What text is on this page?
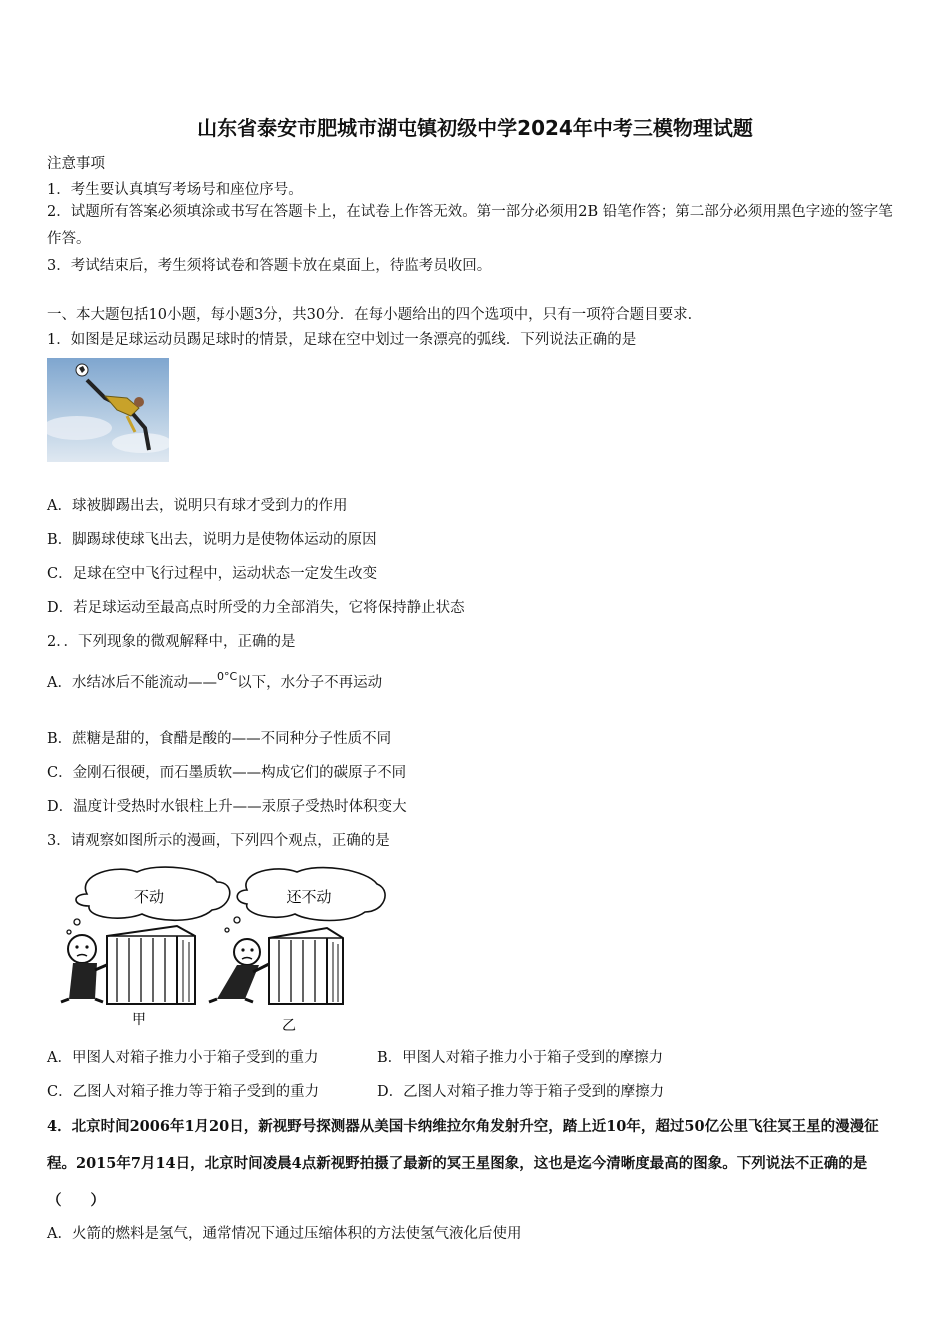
山东省泰安市肥城市湖屯镇初级中学2024年中考三模物理试题
注意事项
1．考生要认真填写考场号和座位序号。
2．试题所有答案必须填涂或书写在答题卡上，在试卷上作答无效。第一部分必须用2B 铅笔作答；第二部分必须用黑色字迹的签字笔作答。
3．考试结束后，考生须将试卷和答题卡放在桌面上，待监考员收回。
一、本大题包括10小题，每小题3分，共30分．在每小题给出的四个选项中，只有一项符合题目要求．
1．如图是足球运动员踢足球时的情景，足球在空中划过一条漂亮的弧线．下列说法正确的是
A．球被脚踢出去，说明只有球才受到力的作用
B．脚踢球使球飞出去，说明力是使物体运动的原因
C．足球在空中飞行过程中，运动状态一定发生改变
D．若足球运动至最高点时所受的力全部消失，它将保持静止状态
2．．下列现象的微观解释中，正确的是
A．水结冰后不能流动——$^{0^\circ C}$以下，水分子不再运动
B．蔗糖是甜的，食醋是酸的——不同种分子性质不同
C．金刚石很硬，而石墨质软——构成它们的碳原子不同
D．温度计受热时水银柱上升——汞原子受热时体积变大
3．请观察如图所示的漫画，下列四个观点，正确的是
不动	还不动
甲	乙
A．甲图人对箱子推力小于箱子受到的重力	B．甲图人对箱子推力小于箱子受到的摩擦力
C．乙图人对箱子推力等于箱子受到的重力	D．乙图人对箱子推力等于箱子受到的摩擦力
4．北京时间2006年1月20日，新视野号探测器从美国卡纳维拉尔角发射升空，踏上近10年，超过50亿公里飞往冥王星的漫漫征程。2015年7月14日，北京时间凌晨4点新视野拍摄了最新的冥王星图象，这也是迄今清晰度最高的图象。下列说法不正确的是（　　）
A．火箭的燃料是氢气，通常情况下通过压缩体积的方法使氢气液化后使用
